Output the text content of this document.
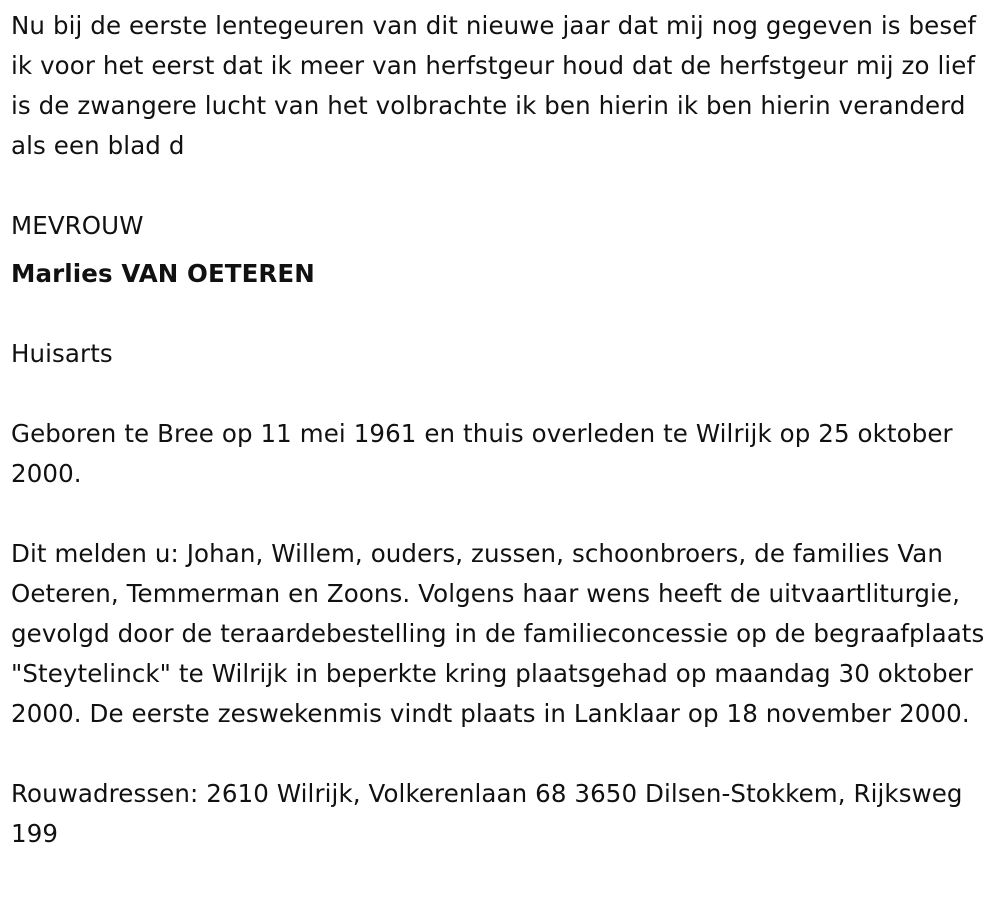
Nu bij de eerste lentegeuren van dit nieuwe jaar dat mij nog gegeven is besef ik voor het eerst dat ik meer van herfstgeur houd dat de herfstgeur mij zo lief is de zwangere lucht van het volbrachte ik ben hierin ik ben hierin veranderd als een blad d

MEVROUW

Marlies VAN OETEREN

Huisarts

Geboren te Bree op 11 mei 1961 en thuis overleden te Wilrijk op 25 oktober 2000.

Dit melden u: Johan, Willem, ouders, zussen, schoonbroers, de families Van Oeteren, Temmerman en Zoons. Volgens haar wens heeft de uitvaartliturgie, gevolgd door de teraardebestelling in de familieconcessie op de begraafplaats "Steytelinck" te Wilrijk in beperkte kring plaatsgehad op maandag 30 oktober 2000. De eerste zeswekenmis vindt plaats in Lanklaar op 18 november 2000.

Rouwadressen: 2610 Wilrijk, Volkerenlaan 68 3650 Dilsen-Stokkem, Rijksweg 199
